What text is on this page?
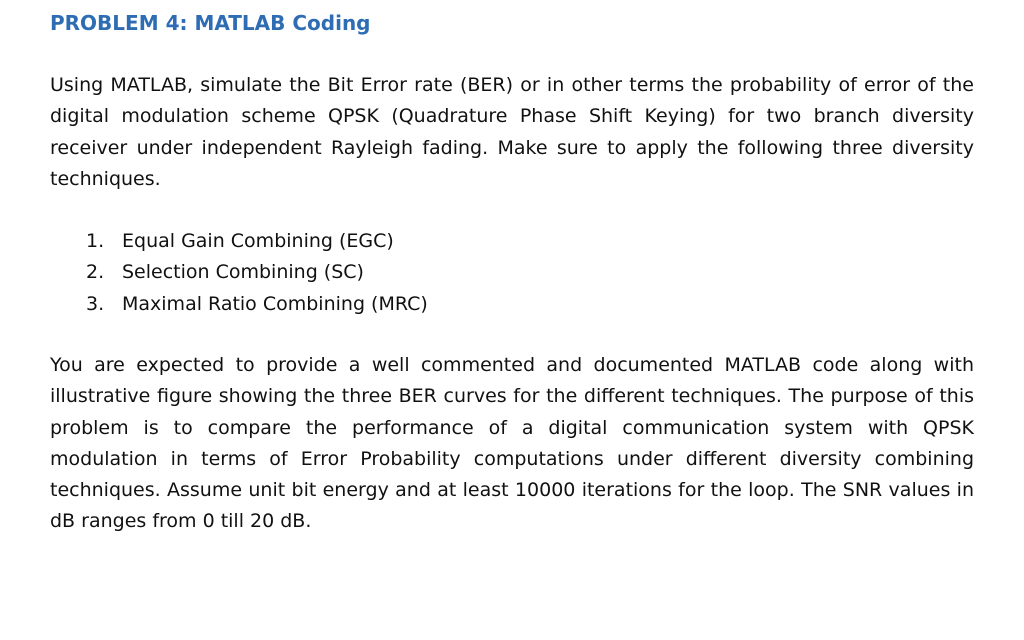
PROBLEM 4: MATLAB Coding

Using MATLAB, simulate the Bit Error rate (BER) or in other terms the probability of error of the digital modulation scheme QPSK (Quadrature Phase Shift Keying) for two branch diversity receiver under independent Rayleigh fading. Make sure to apply the following three diversity techniques.

1. Equal Gain Combining (EGC)
2. Selection Combining (SC)
3. Maximal Ratio Combining (MRC)

You are expected to provide a well commented and documented MATLAB code along with illustrative figure showing the three BER curves for the different techniques. The purpose of this problem is to compare the performance of a digital communication system with QPSK modulation in terms of Error Probability computations under different diversity combining techniques. Assume unit bit energy and at least 10000 iterations for the loop. The SNR values in dB ranges from 0 till 20 dB.
